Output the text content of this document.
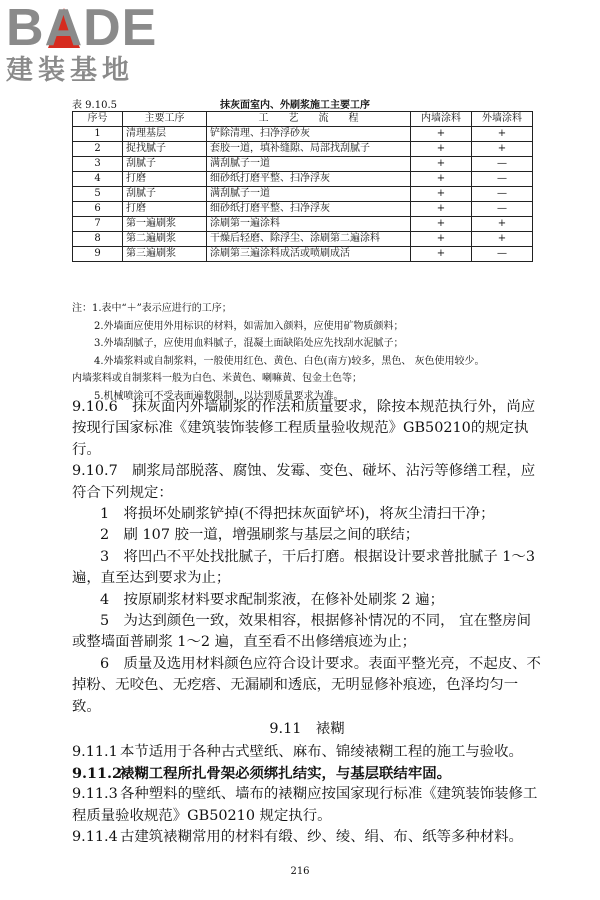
B A DE
建装基地
表 9.10.5	抹灰面室内、外刷浆施工主要工序
序号	主要工序	工　　艺　　流　　程	内墙涂料	外墙涂料
1	清理基层	铲除清理、扫净浮砂灰	+	+
2	捉找腻子	套胶一道，填补缝隙、局部找刮腻子	+	+
3	刮腻子	满刮腻子一道	+	—
4	打磨	细砂纸打磨平整、扫净浮灰	+	—
5	刮腻子	满刮腻子一道	+	—
6	打磨	细砂纸打磨平整、扫净浮灰	+	—
7	第一遍刷浆	涂刷第一遍涂料	+	+
8	第二遍刷浆	干燥后轻磨、除浮尘、涂刷第二遍涂料	+	+
9	第三遍刷浆	涂刷第三遍涂料成活或喷刷成活	+	—

注：1.表中“＋”表示应进行的工序；

2.外墙面应使用外用标识的材料，如需加入颜料，应使用矿物质颜料；

3.外墙刮腻子，应使用血料腻子，混凝土面缺陷处应先找刮水泥腻子；

4.外墙浆料或自制浆料，一般使用红色、黄色、白色(南方)较多，黑色、 灰色使用较少。

内墙浆料或自制浆料一般为白色、米黄色、喇嘛黄、包金土色等；

5.机械喷涂可不受表面遍数限制，以达到质量要求为准。

9.10.6　抹灰面内外墙刷浆的作法和质量要求，除按本规范执行外，尚应按现行国家标准《建筑装饰装修工程质量验收规范》GB50210的规定执行。

9.10.7　刷浆局部脱落、腐蚀、发霉、变色、碰坏、沾污等修缮工程，应符合下列规定：

1　将损坏处刷浆铲掉(不得把抹灰面铲坏)，将灰尘清扫干净；

2　刷 107 胶一道，增强刷浆与基层之间的联结；

3　将凹凸不平处找批腻子，干后打磨。根据设计要求普批腻子 1～3 遍，直至达到要求为止；

4　按原刷浆材料要求配制浆液，在修补处刷浆 2 遍；

5　为达到颜色一致，效果相容，根据修补情况的不同， 宜在整房间或整墙面普刷浆 1～2 遍，直至看不出修缮痕迹为止；

6　质量及选用材料颜色应符合设计要求。表面平整光亮，不起皮、不掉粉、无咬色、无疙瘩、无漏刷和透底，无明显修补痕迹，色泽均匀一致。

9.11　裱糊

9.11.1 本节适用于各种古式壁纸、麻布、锦绫裱糊工程的施工与验收。

9.11.2裱糊工程所扎骨架必须绑扎结实，与基层联结牢固。

9.11.3 各种塑料的壁纸、墙布的裱糊应按国家现行标准《建筑装饰装修工程质量验收规范》GB50210 规定执行。

9.11.4 古建筑裱糊常用的材料有缎、纱、绫、绢、布、纸等多种材料。

216
